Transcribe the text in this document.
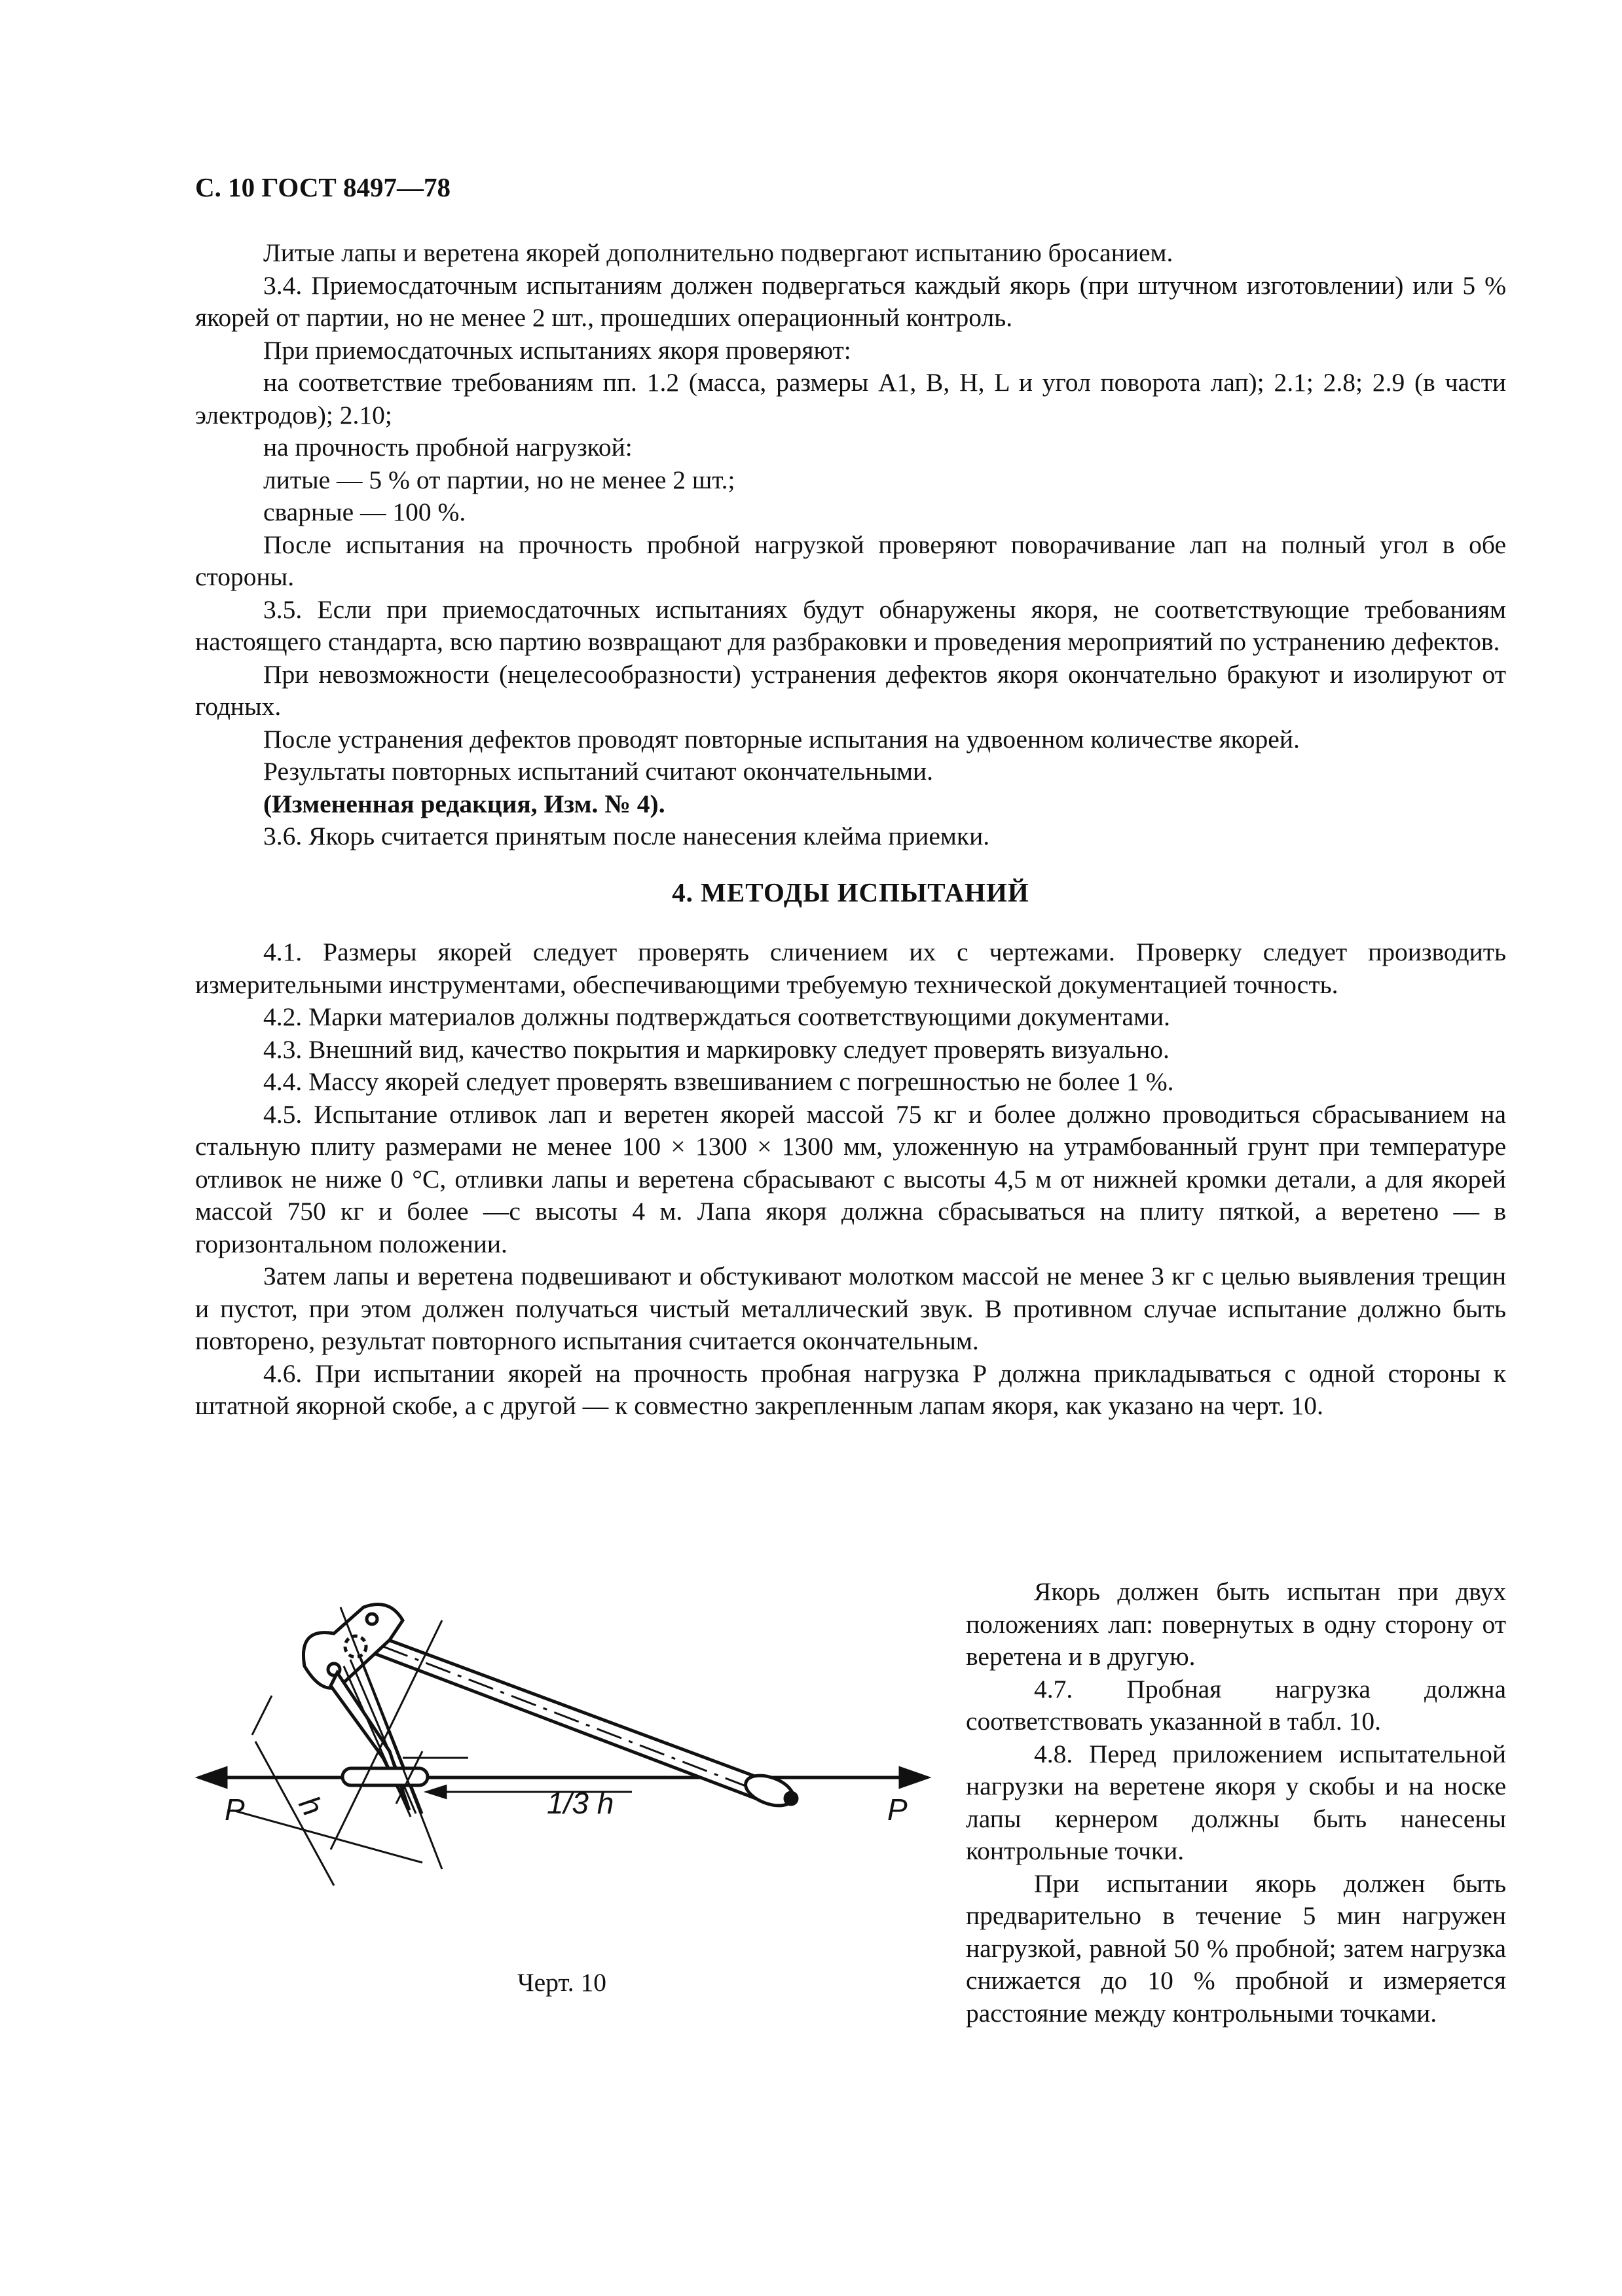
С. 10 ГОСТ 8497—78

Литые лапы и веретена якорей дополнительно подвергают испытанию бросанием.

3.4. Приемосдаточным испытаниям должен подвергаться каждый якорь (при штучном изготовлении) или 5 % якорей от партии, но не менее 2 шт., прошедших операционный контроль.

При приемосдаточных испытаниях якоря проверяют:

на соответствие требованиям пп. 1.2 (масса, размеры A1, B, H, L и угол поворота лап); 2.1; 2.8; 2.9 (в части электродов); 2.10;

на прочность пробной нагрузкой:

литые — 5 % от партии, но не менее 2 шт.;

сварные — 100 %.

После испытания на прочность пробной нагрузкой проверяют поворачивание лап на полный угол в обе стороны.

3.5. Если при приемосдаточных испытаниях будут обнаружены якоря, не соответствующие требованиям настоящего стандарта, всю партию возвращают для разбраковки и проведения мероприятий по устранению дефектов.

При невозможности (нецелесообразности) устранения дефектов якоря окончательно бракуют и изолируют от годных.

После устранения дефектов проводят повторные испытания на удвоенном количестве якорей.

Результаты повторных испытаний считают окончательными.

(Измененная редакция, Изм. № 4).

3.6. Якорь считается принятым после нанесения клейма приемки.

4. МЕТОДЫ ИСПЫТАНИЙ

4.1. Размеры якорей следует проверять сличением их с чертежами. Проверку следует производить измерительными инструментами, обеспечивающими требуемую технической документацией точность.

4.2. Марки материалов должны подтверждаться соответствующими документами.

4.3. Внешний вид, качество покрытия и маркировку следует проверять визуально.

4.4. Массу якорей следует проверять взвешиванием с погрешностью не более 1 %.

4.5. Испытание отливок лап и веретен якорей массой 75 кг и более должно проводиться сбрасыванием на стальную плиту размерами не менее 100 × 1300 × 1300 мм, уложенную на утрамбованный грунт при температуре отливок не ниже 0 °С, отливки лапы и веретена сбрасывают с высоты 4,5 м от нижней кромки детали, а для якорей массой 750 кг и более —с высоты 4 м. Лапа якоря должна сбрасываться на плиту пяткой, а веретено — в горизонтальном положении.

Затем лапы и веретена подвешивают и обстукивают молотком массой не менее 3 кг с целью выявления трещин и пустот, при этом должен получаться чистый металлический звук. В противном случае испытание должно быть повторено, результат повторного испытания считается окончательным.

4.6. При испытании якорей на прочность пробная нагрузка P должна прикладываться с одной стороны к штатной якорной скобе, а с другой — к совместно закрепленным лапам якоря, как указано на черт. 10.

P	P
h	1/3 h
Черт. 10

Якорь должен быть испытан при двух положениях лап: повернутых в одну сторону от веретена и в другую.

4.7. Пробная нагрузка должна соответствовать указанной в табл. 10.

4.8. Перед приложением испытательной нагрузки на веретене якоря у скобы и на носке лапы кернером должны быть нанесены контрольные точки.

При испытании якорь должен быть предварительно в течение 5 мин нагружен нагрузкой, равной 50 % пробной; затем нагрузка снижается до 10 % пробной и измеряется расстояние между контрольными точками.
